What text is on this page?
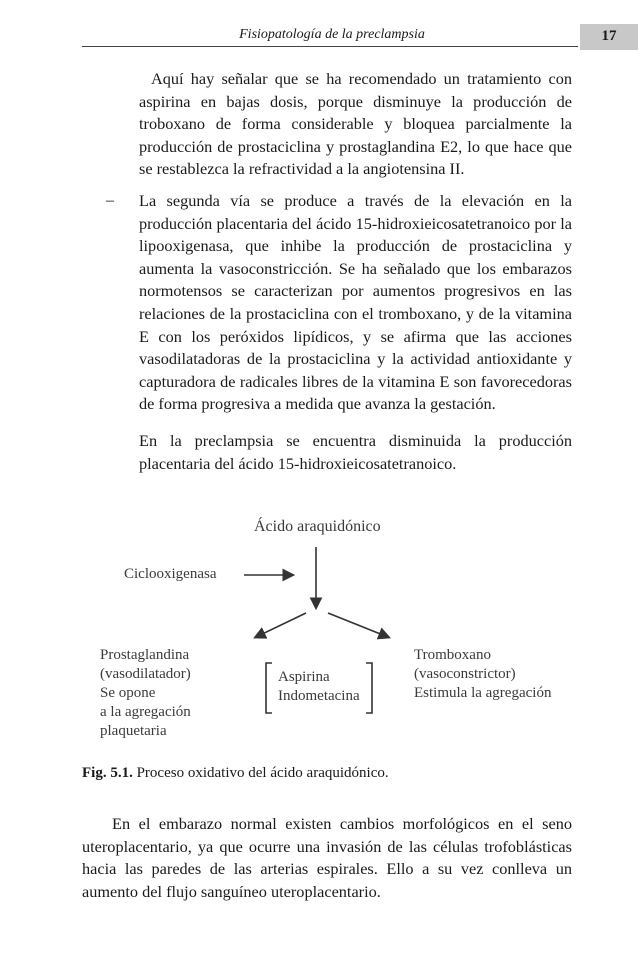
Fisiopatología de la preclampsia	17

Aquí hay señalar que se ha recomendado un tratamiento con aspirina en bajas dosis, porque disminuye la producción de troboxano de forma considerable y bloquea parcialmente la producción de prostaciclina y prostaglandina E2, lo que hace que se restablezca la refractividad a la angiotensina II.

– La segunda vía se produce a través de la elevación en la producción placentaria del ácido 15-hidroxieicosatetranoico por la lipooxigenasa, que inhibe la producción de prostaciclina y aumenta la vasoconstricción. Se ha señalado que los embarazos normotensos se caracterizan por aumentos progresivos en las relaciones de la prostaciclina con el tromboxano, y de la vitamina E con los peróxidos lipídicos, y se afirma que las acciones vasodilatadoras de la prostaciclina y la actividad antioxidante y capturadora de radicales libres de la vitamina E son favorecedoras de forma progresiva a medida que avanza la gestación.

En la preclampsia se encuentra disminuida la producción placentaria del ácido 15-hidroxieicosatetranoico.

Ácido araquidónico
Ciclooxigenasa
Prostaglandina
(vasodilatador)
Se opone
a la agregación
plaquetaria
Aspirina
Indometacina
Tromboxano
(vasoconstrictor)
Estimula la agregación
Fig. 5.1. Proceso oxidativo del ácido araquidónico.

En el embarazo normal existen cambios morfológicos en el seno uteroplacentario, ya que ocurre una invasión de las células trofoblásticas hacia las paredes de las arterias espirales. Ello a su vez conlleva un aumento del flujo sanguíneo uteroplacentario.
